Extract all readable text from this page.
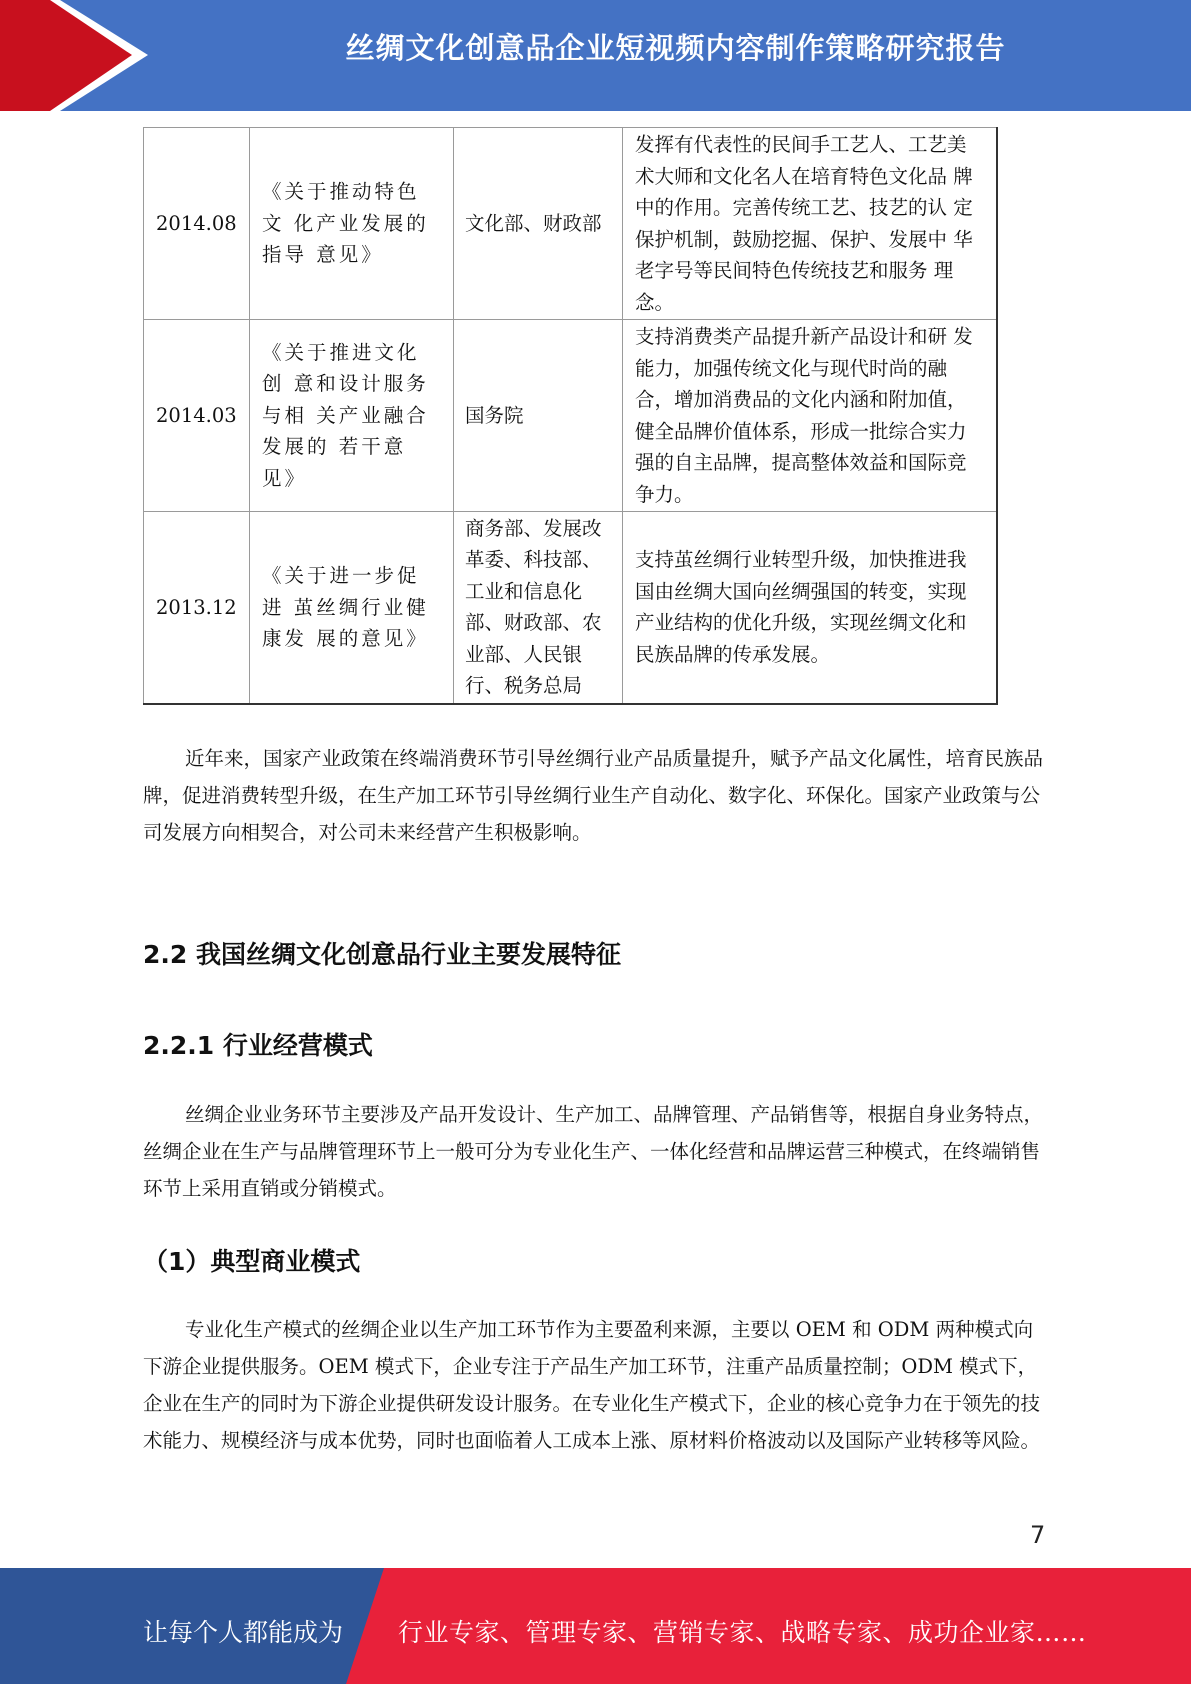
丝绸文化创意品企业短视频内容制作策略研究报告
2014.08	《关于推动特色文 化产业发展的指导 意见》	文化部、财政部	发挥有代表性的民间手工艺人、工艺美术大师和文化名人在培育特色文化品 牌中的作用。完善传统工艺、技艺的认 定保护机制，鼓励挖掘、保护、发展中 华老字号等民间特色传统技艺和服务 理念。
2014.03	《关于推进文化创 意和设计服务与相 关产业融合发展的 若干意见》	国务院	支持消费类产品提升新产品设计和研 发能力，加强传统文化与现代时尚的融 合，增加消费品的文化内涵和附加值， 健全品牌价值体系，形成一批综合实力 强的自主品牌，提高整体效益和国际竞 争力。
2013.12	《关于进一步促进 茧丝绸行业健康发 展的意见》	商务部、发展改革委、科技部、工业和信息化部、财政部、农业部、人民银行、税务总局	支持茧丝绸行业转型升级，加快推进我国由丝绸大国向丝绸强国的转变，实现产业结构的优化升级，实现丝绸文化和民族品牌的传承发展。

近年来，国家产业政策在终端消费环节引导丝绸行业产品质量提升，赋予产品文化属性，培育民族品牌，促进消费转型升级，在生产加工环节引导丝绸行业生产自动化、数字化、环保化。国家产业政策与公司发展方向相契合，对公司未来经营产生积极影响。

2.2 我国丝绸文化创意品行业主要发展特征
2.2.1 行业经营模式

丝绸企业业务环节主要涉及产品开发设计、生产加工、品牌管理、产品销售等，根据自身业务特点，丝绸企业在生产与品牌管理环节上一般可分为专业化生产、一体化经营和品牌运营三种模式，在终端销售环节上采用直销或分销模式。

（1）典型商业模式

专业化生产模式的丝绸企业以生产加工环节作为主要盈利来源，主要以 OEM 和 ODM 两种模式向下游企业提供服务。OEM 模式下，企业专注于产品生产加工环节，注重产品质量控制；ODM 模式下，企业在生产的同时为下游企业提供研发设计服务。在专业化生产模式下，企业的核心竞争力在于领先的技术能力、规模经济与成本优势，同时也面临着人工成本上涨、原材料价格波动以及国际产业转移等风险。

7
让每个人都能成为 行业专家、管理专家、营销专家、战略专家、成功企业家……
